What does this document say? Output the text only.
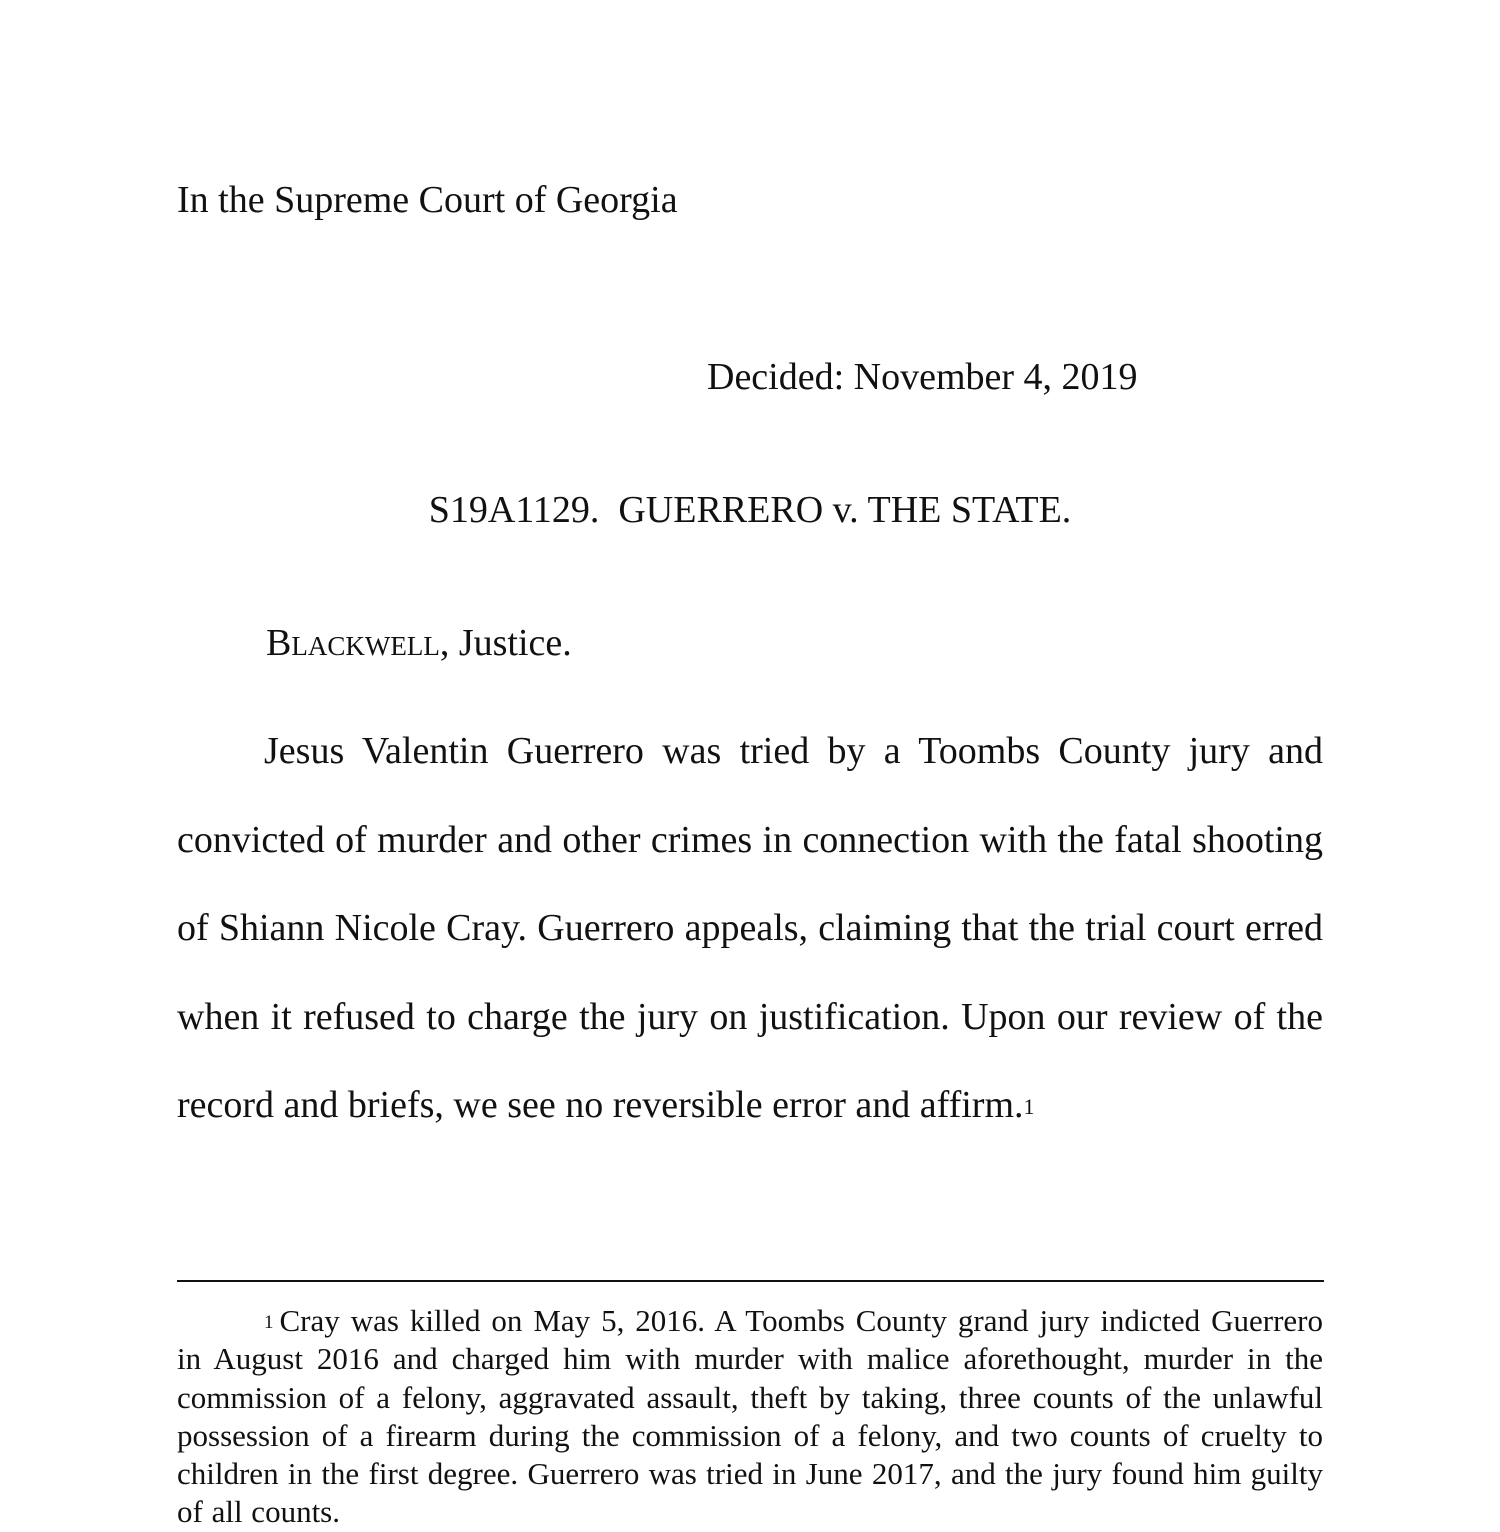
In the Supreme Court of Georgia
Decided: November 4, 2019
S19A1129.  GUERRERO v. THE STATE.
Blackwell, Justice.

Jesus Valentin Guerrero was tried by a Toombs County jury and convicted of murder and other crimes in connection with the fatal shooting of Shiann Nicole Cray. Guerrero appeals, claiming that the trial court erred when it refused to charge the jury on justification. Upon our review of the record and briefs, we see no reversible error and affirm.$^1$

$^1$ Cray was killed on May 5, 2016. A Toombs County grand jury indicted Guerrero in August 2016 and charged him with murder with malice aforethought, murder in the commission of a felony, aggravated assault, theft by taking, three counts of the unlawful possession of a firearm during the commission of a felony, and two counts of cruelty to children in the first degree. Guerrero was tried in June 2017, and the jury found him guilty of all counts.
